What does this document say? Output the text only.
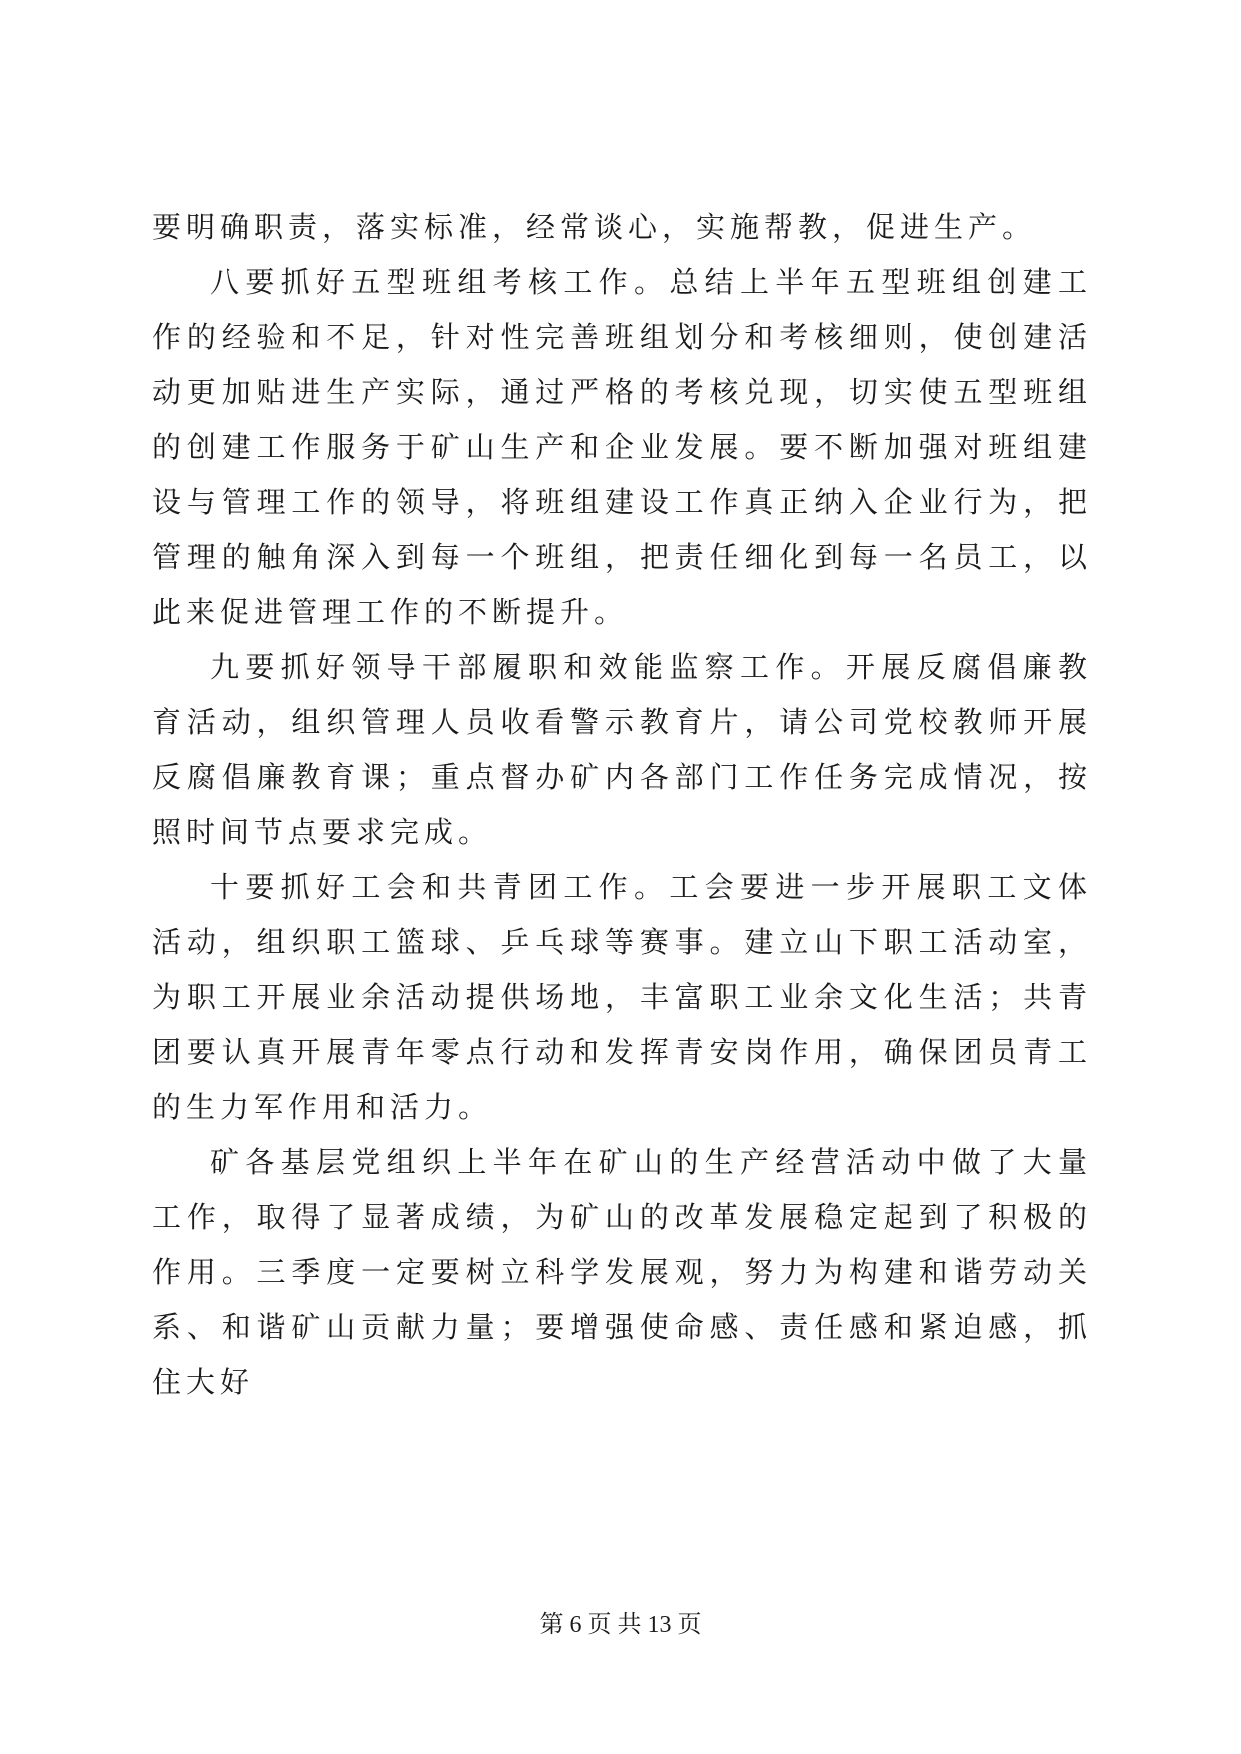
要明确职责，落实标准，经常谈心，实施帮教，促进生产。

八要抓好五型班组考核工作。总结上半年五型班组创建工作的经验和不足，针对性完善班组划分和考核细则，使创建活动更加贴进生产实际，通过严格的考核兑现，切实使五型班组的创建工作服务于矿山生产和企业发展。要不断加强对班组建设与管理工作的领导，将班组建设工作真正纳入企业行为，把管理的触角深入到每一个班组，把责任细化到每一名员工，以此来促进管理工作的不断提升。

九要抓好领导干部履职和效能监察工作。开展反腐倡廉教育活动，组织管理人员收看警示教育片，请公司党校教师开展反腐倡廉教育课；重点督办矿内各部门工作任务完成情况，按照时间节点要求完成。

十要抓好工会和共青团工作。工会要进一步开展职工文体活动，组织职工篮球、乒乓球等赛事。建立山下职工活动室，为职工开展业余活动提供场地，丰富职工业余文化生活；共青团要认真开展青年零点行动和发挥青安岗作用，确保团员青工的生力军作用和活力。

矿各基层党组织上半年在矿山的生产经营活动中做了大量工作，取得了显著成绩，为矿山的改革发展稳定起到了积极的作用。三季度一定要树立科学发展观，努力为构建和谐劳动关系、和谐矿山贡献力量；要增强使命感、责任感和紧迫感，抓住大好

第 6 页 共 13 页
